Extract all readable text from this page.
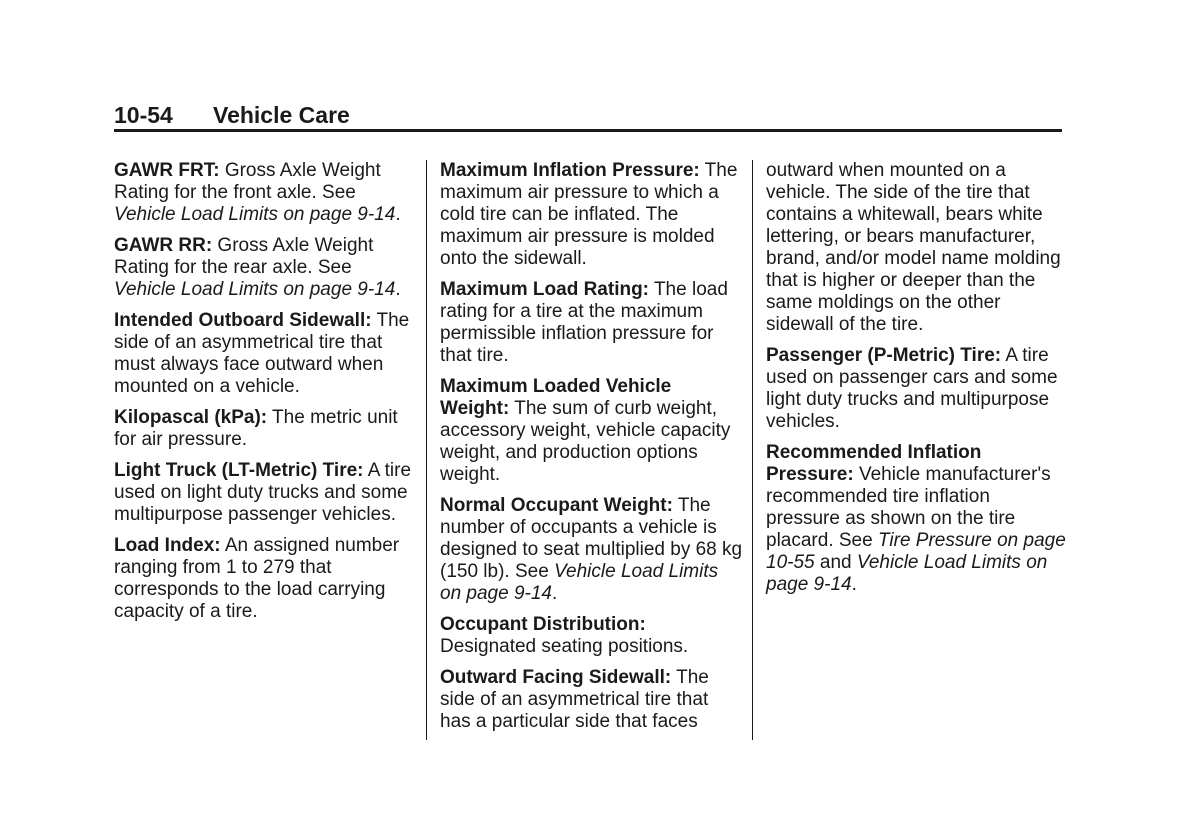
10-54 Vehicle Care

GAWR FRT: Gross Axle Weight Rating for the front axle. See Vehicle Load Limits on page 9-14.

GAWR RR: Gross Axle Weight Rating for the rear axle. See Vehicle Load Limits on page 9-14.

Intended Outboard Sidewall: The side of an asymmetrical tire that must always face outward when mounted on a vehicle.

Kilopascal (kPa): The metric unit for air pressure.

Light Truck (LT-Metric) Tire: A tire used on light duty trucks and some multipurpose passenger vehicles.

Load Index: An assigned number ranging from 1 to 279 that corresponds to the load carrying capacity of a tire.

Maximum Inflation Pressure: The maximum air pressure to which a cold tire can be inflated. The maximum air pressure is molded onto the sidewall.

Maximum Load Rating: The load rating for a tire at the maximum permissible inflation pressure for that tire.

Maximum Loaded Vehicle Weight: The sum of curb weight, accessory weight, vehicle capacity weight, and production options weight.

Normal Occupant Weight: The number of occupants a vehicle is designed to seat multiplied by 68 kg (150 lb). See Vehicle Load Limits on page 9-14.

Occupant Distribution: Designated seating positions.

Outward Facing Sidewall: The side of an asymmetrical tire that has a particular side that faces

outward when mounted on a vehicle. The side of the tire that contains a whitewall, bears white lettering, or bears manufacturer, brand, and/or model name molding that is higher or deeper than the same moldings on the other sidewall of the tire.

Passenger (P-Metric) Tire: A tire used on passenger cars and some light duty trucks and multipurpose vehicles.

Recommended Inflation Pressure: Vehicle manufacturer's recommended tire inflation pressure as shown on the tire placard. See Tire Pressure on page 10-55 and Vehicle Load Limits on page 9-14.
